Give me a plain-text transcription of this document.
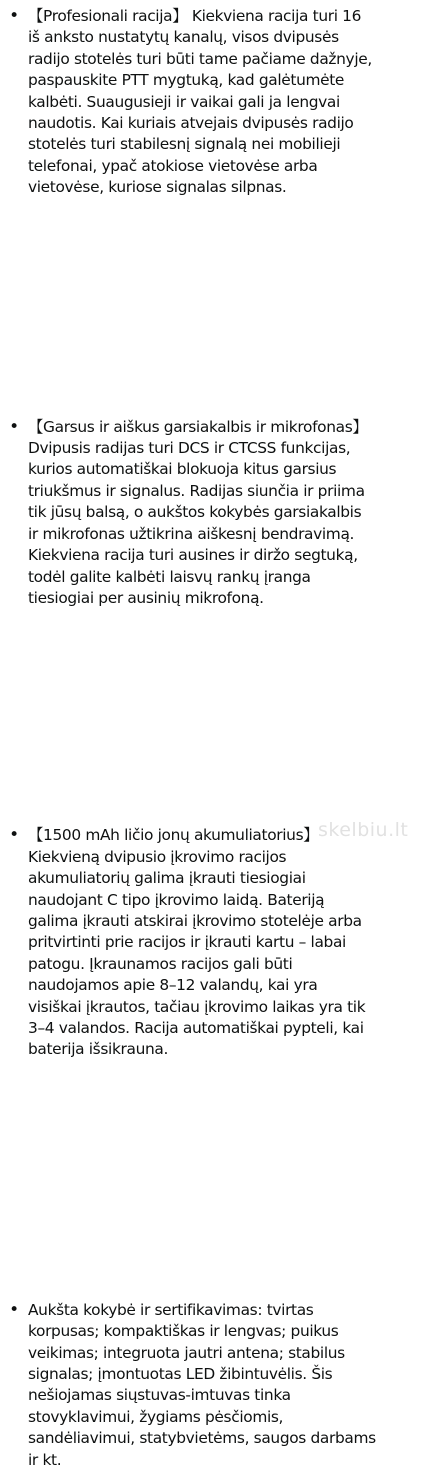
• 【Profesionali racija】 Kiekviena racija turi 16
iš anksto nustatytų kanalų, visos dvipusės
radijo stotelės turi būti tame pačiame dažnyje,
paspauskite PTT mygtuką, kad galėtumėte
kalbėti. Suaugusieji ir vaikai gali ja lengvai
naudotis. Kai kuriais atvejais dvipusės radijo
stotelės turi stabilesnį signalą nei mobilieji
telefonai, ypač atokiose vietovėse arba
vietovėse, kuriose signalas silpnas.
• 【Garsus ir aiškus garsiakalbis ir mikrofonas】
Dvipusis radijas turi DCS ir CTCSS funkcijas,
kurios automatiškai blokuoja kitus garsius
triukšmus ir signalus. Radijas siunčia ir priima
tik jūsų balsą, o aukštos kokybės garsiakalbis
ir mikrofonas užtikrina aiškesnį bendravimą.
Kiekviena racija turi ausines ir diržo segtuką,
todėl galite kalbėti laisvų rankų įranga
tiesiogiai per ausinių mikrofoną.
• 【1500 mAh ličio jonų akumuliatorius】
Kiekvieną dvipusio įkrovimo racijos
akumuliatorių galima įkrauti tiesiogiai
naudojant C tipo įkrovimo laidą. Bateriją
galima įkrauti atskirai įkrovimo stotelėje arba
pritvirtinti prie racijos ir įkrauti kartu – labai
patogu. Įkraunamos racijos gali būti
naudojamos apie 8–12 valandų, kai yra
visiškai įkrautos, tačiau įkrovimo laikas yra tik
3–4 valandos. Racija automatiškai pypteli, kai
baterija išsikrauna.
• Aukšta kokybė ir sertifikavimas: tvirtas
korpusas; kompaktiškas ir lengvas; puikus
veikimas; integruota jautri antena; stabilus
signalas; įmontuotas LED žibintuvėlis. Šis
nešiojamas siųstuvas-imtuvas tinka
stovyklavimui, žygiams pėsčiomis,
sandėliavimui, statybvietėms, saugos darbams
ir kt.
skelbiu.lt
